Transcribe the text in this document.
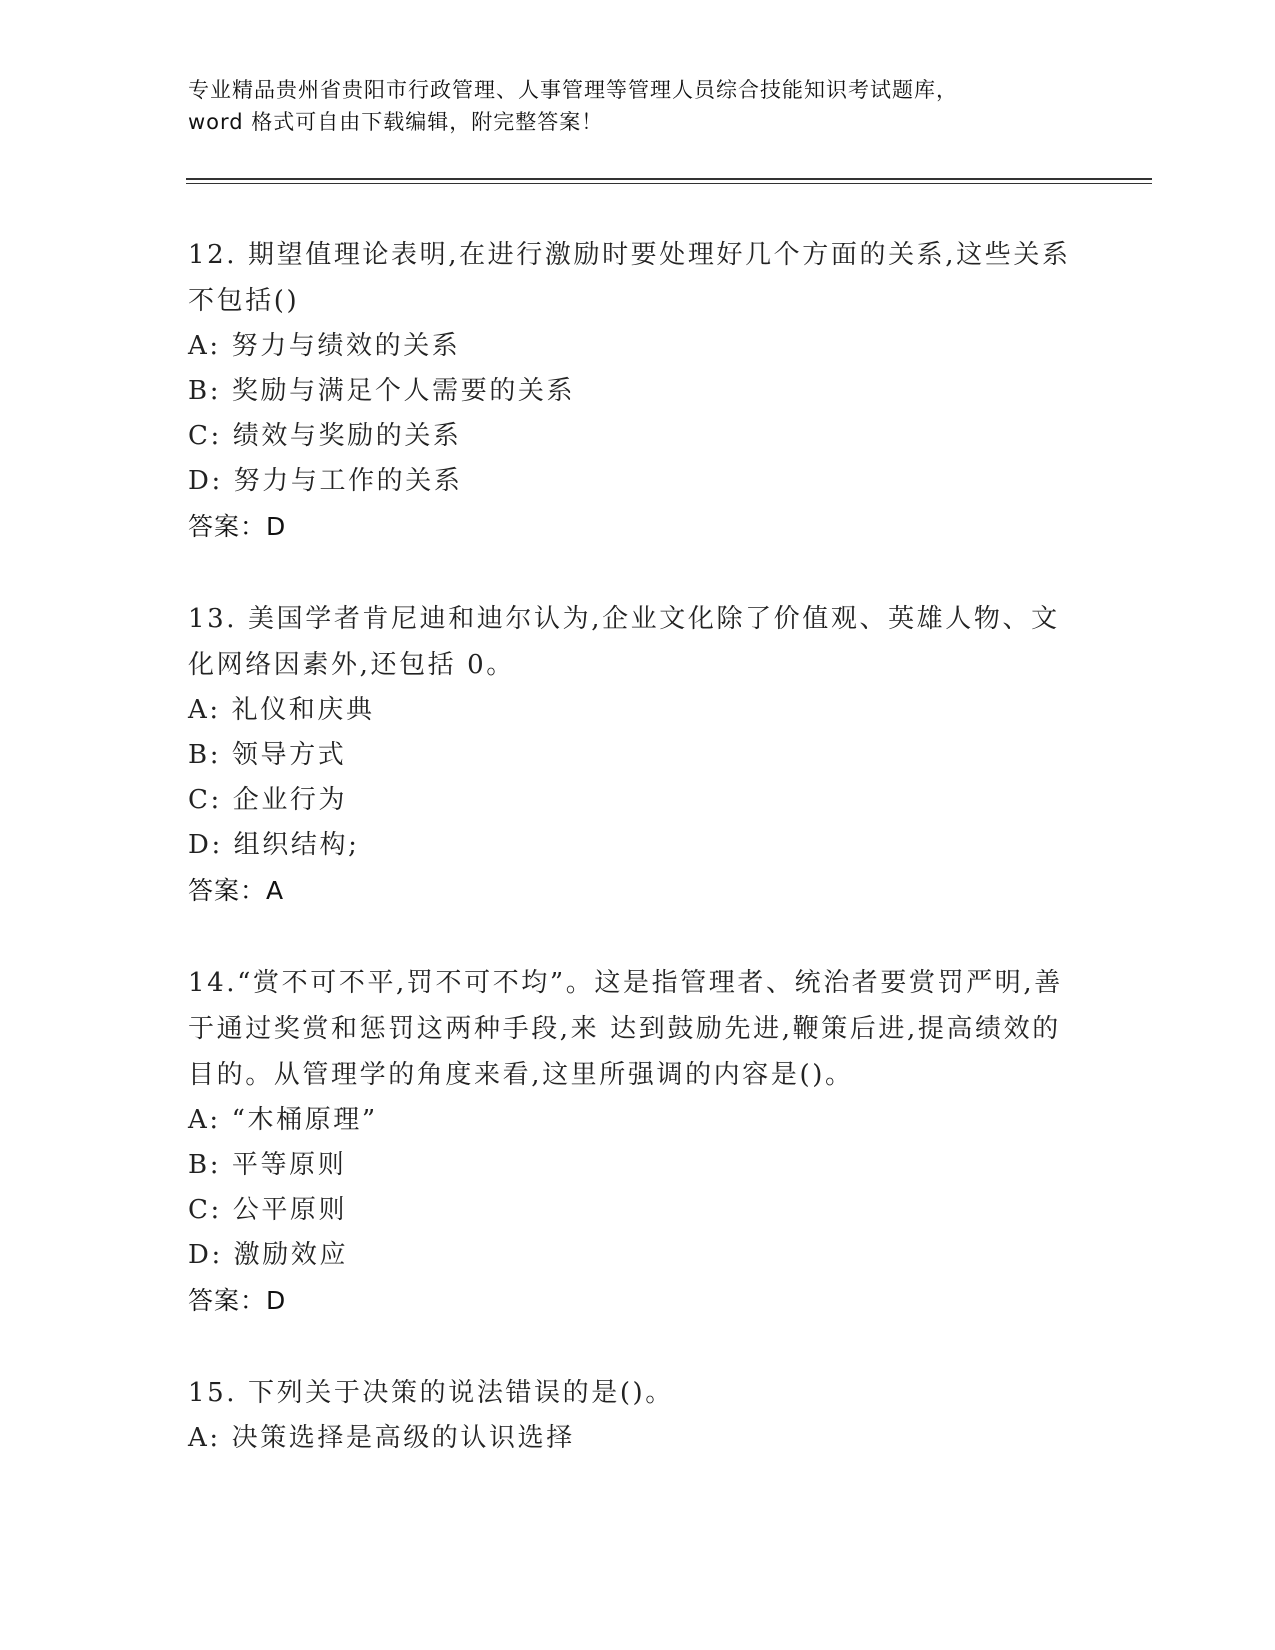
专业精品贵州省贵阳市行政管理、人事管理等管理人员综合技能知识考试题库，
word 格式可自由下载编辑，附完整答案！
12. 期望值理论表明,在进行激励时要处理好几个方面的关系,这些关系不包括()
A: 努力与绩效的关系
B: 奖励与满足个人需要的关系
C: 绩效与奖励的关系
D: 努力与工作的关系
答案：D
13. 美国学者肯尼迪和迪尔认为,企业文化除了价值观、英雄人物、文化网络因素外,还包括 0。
A: 礼仪和庆典
B: 领导方式
C: 企业行为
D: 组织结构;
答案：A
14.“赏不可不平,罚不可不均”。这是指管理者、统治者要赏罚严明,善于通过奖赏和惩罚这两种手段,来 达到鼓励先进,鞭策后进,提高绩效的目的。从管理学的角度来看,这里所强调的内容是()。
A: “木桶原理”
B: 平等原则
C: 公平原则
D: 激励效应
答案：D
15. 下列关于决策的说法错误的是()。
A: 决策选择是高级的认识选择
